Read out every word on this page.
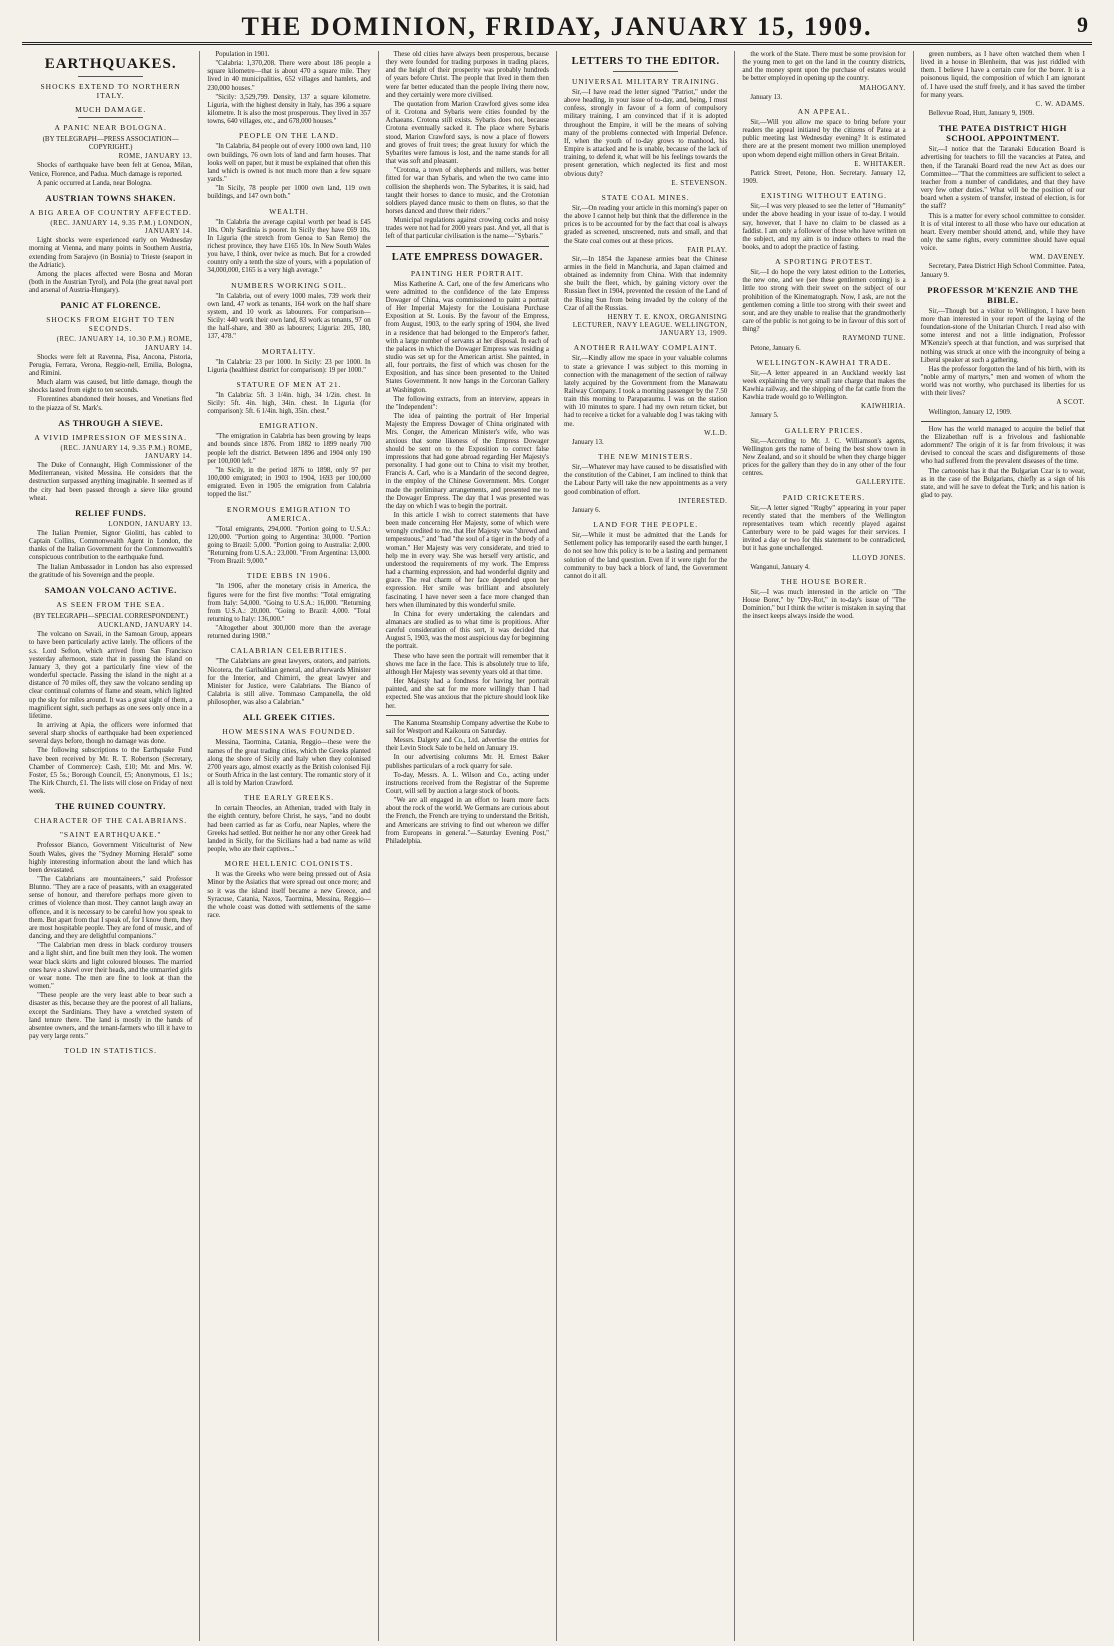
THE DOMINION, FRIDAY, JANUARY 15, 1909.	9
EARTHQUAKES.
SHOCKS EXTEND TO NORTHERN ITALY.
MUCH DAMAGE.
A PANIC NEAR BOLOGNA.
(BY TELEGRAPH—PRESS ASSOCIATION—COPYRIGHT.)

ROME, JANUARY 13.

Shocks of earthquake have been felt at Genoa, Milan, Venice, Florence, and Padua. Much damage is reported.

A panic occurred at Landa, near Bologna.

AUSTRIAN TOWNS SHAKEN.
A BIG AREA OF COUNTRY AFFECTED.

(REC. JANUARY 14, 9.35 P.M.) LONDON, JANUARY 14.

Light shocks were experienced early on Wednesday morning at Vienna, and many points in Southern Austria, extending from Sarajevo (in Bosnia) to Trieste (seaport in the Adriatic).

Among the places affected were Bosna and Moran (both in the Austrian Tyrol), and Pola (the great naval port and arsenal of Austria-Hungary).

PANIC AT FLORENCE.
SHOCKS FROM EIGHT TO TEN SECONDS.

(REC. JANUARY 14, 10.30 P.M.) ROME, JANUARY 14.

Shocks were felt at Ravenna, Pisa, Ancona, Pistoria, Perugia, Ferrara, Verona, Reggio-nell, Emilia, Bologna, and Rimini.

Much alarm was caused, but little damage, though the shocks lasted from eight to ten seconds.

Florentines abandoned their houses, and Venetians fled to the piazza of St. Mark's.

AS THROUGH A SIEVE.
A VIVID IMPRESSION OF MESSINA.

(REC. JANUARY 14, 9.35 P.M.) ROME, JANUARY 14.

The Duke of Connaught, High Commissioner of the Mediterranean, visited Messina. He considers that the destruction surpassed anything imaginable. It seemed as if the city had been passed through a sieve like ground wheat.

RELIEF FUNDS.

LONDON, JANUARY 13.

The Italian Premier, Signor Giolitti, has cabled to Captain Collins, Commonwealth Agent in London, the thanks of the Italian Government for the Commonwealth's conspicuous contribution to the earthquake fund.

The Italian Ambassador in London has also expressed the gratitude of his Sovereign and the people.

SAMOAN VOLCANO ACTIVE.
AS SEEN FROM THE SEA.
(BY TELEGRAPH—SPECIAL CORRESPONDENT.)

AUCKLAND, JANUARY 14.

The volcano on Savaii, in the Samoan Group, appears to have been particularly active lately. The officers of the s.s. Lord Sefton, which arrived from San Francisco yesterday afternoon, state that in passing the island on January 3, they got a particularly fine view of the wonderful spectacle. Passing the island in the night at a distance of 70 miles off, they saw the volcano sending up clear continual columns of flame and steam, which lighted up the sky for miles around. It was a great sight of them, a magnificent sight, such perhaps as one sees only once in a lifetime.

In arriving at Apia, the officers were informed that several sharp shocks of earthquake had been experienced several days before, though no damage was done.

The following subscriptions to the Earthquake Fund have been received by Mr. R. T. Robertson (Secretary, Chamber of Commerce): Cash, £10; Mr. and Mrs. W. Foster, £5 5s.; Borough Council, £5; Anonymous, £1 1s.; The Kirk Church, £1. The lists will close on Friday of next week.

THE RUINED COUNTRY.
CHARACTER OF THE CALABRIANS.
"SAINT EARTHQUAKE."

Professor Bianco, Government Viticulturist of New South Wales, gives the "Sydney Morning Herald" some highly interesting information about the land which has been devastated.

"The Calabrians are mountaineers," said Professor Blunno. "They are a race of peasants, with an exaggerated sense of honour, and therefore perhaps more given to crimes of violence than most. They cannot laugh away an offence, and it is necessary to be careful how you speak to them. But apart from that I speak of, for I know them, they are most hospitable people. They are fond of music, and of dancing, and they are delightful companions."

"The Calabrian men dress in black corduroy trousers and a light shirt, and fine built men they look. The women wear black skirts and light coloured blouses. The married ones have a shawl over their heads, and the unmarried girls or wear none. The men are fine to look at than the women."

"These people are the very least able to bear such a disaster as this, because they are the poorest of all Italians, except the Sardinians. They have a wretched system of land tenure there. The land is mostly in the hands of absentee owners, and the tenant-farmers who till it have to pay very large rents."

TOLD IN STATISTICS.

Population in 1901.

"Calabria: 1,370,208. There were about 186 people a square kilometre—that is about 470 a square mile. They lived in 40 municipalities, 652 villages and hamlets, and 230,000 houses."

"Sicily: 3,529,799. Density, 137 a square kilometre. Liguria, with the highest density in Italy, has 396 a square kilometre. It is also the most prosperous. They lived in 357 towns, 640 villages, etc., and 678,000 houses."

PEOPLE ON THE LAND.

"In Calabria, 84 people out of every 1000 own land, 110 own buildings, 76 own lots of land and farm houses. That looks well on paper, but it must be explained that often this land which is owned is not much more than a few square yards."

"In Sicily, 78 people per 1000 own land, 119 own buildings, and 147 own both."

WEALTH.

"In Calabria the average capital worth per head is £45 10s. Only Sardinia is poorer. In Sicily they have £69 10s. In Liguria (the stretch from Genoa to San Remo) the richest province, they have £165 10s. In New South Wales you have, I think, over twice as much. But for a crowded country only a tenth the size of yours, with a population of 34,000,000, £165 is a very high average."

NUMBERS WORKING SOIL.

"In Calabria, out of every 1000 males, 739 work their own land, 47 work as tenants, 164 work on the half share system, and 10 work as labourers. For comparison—Sicily: 440 work their own land, 83 work as tenants, 97 on the half-share, and 380 as labourers; Liguria: 205, 180, 137, 478."

MORTALITY.

"In Calabria: 23 per 1000. In Sicily: 23 per 1000. In Liguria (healthiest district for comparison): 19 per 1000."

STATURE OF MEN AT 21.

"In Calabria: 5ft. 3 1/4in. high, 34 1/2in. chest. In Sicily: 5ft. 4in. high, 34in. chest. In Liguria (for comparison): 5ft. 6 1/4in. high, 35in. chest."

EMIGRATION.

"The emigration in Calabria has been growing by leaps and bounds since 1876. From 1882 to 1899 nearly 700 people left the district. Between 1896 and 1904 only 190 per 100,000 left."

"In Sicily, in the period 1876 to 1898, only 97 per 100,000 emigrated; in 1903 to 1904, 1693 per 100,000 emigrated. Even in 1905 the emigration from Calabria topped the list."

ENORMOUS EMIGRATION TO AMERICA.

"Total emigrants, 294,000. "Portion going to U.S.A.: 120,000. "Portion going to Argentina: 30,000. "Portion going to Brazil: 5,000. "Portion going to Australia: 2,000. "Returning from U.S.A.: 23,000. "From Argentina: 13,000. "From Brazil: 9,000."

TIDE EBBS IN 1906.

"In 1906, after the monetary crisis in America, the figures were for the first five months: "Total emigrating from Italy: 54,000. "Going to U.S.A.: 16,000. "Returning from U.S.A.: 20,000. "Going to Brazil: 4,000. "Total returning to Italy: 136,000."

"Altogether about 300,000 more than the average returned during 1908."

CALABRIAN CELEBRITIES.

"The Calabrians are great lawyers, orators, and patriots. Nicotera, the Garibaldian general, and afterwards Minister for the Interior, and Chimirri, the great lawyer and Minister for Justice, were Calabrians. The Bianco of Calabria is still alive. Tommaso Campanella, the old philosopher, was also a Calabrian."

ALL GREEK CITIES.
HOW MESSINA WAS FOUNDED.

Messina, Taormina, Catania, Reggio—these were the names of the great trading cities, which the Greeks planted along the shore of Sicily and Italy when they colonised 2700 years ago, almost exactly as the British colonised Fiji or South Africa in the last century. The romantic story of it all is told by Marion Crawford.

THE EARLY GREEKS.

In certain Theocles, an Athenian, traded with Italy in the eighth century, before Christ, he says, "and no doubt had been carried as far as Corfu, near Naples, where the Greeks had settled. But neither he nor any other Greek had landed in Sicily, for the Sicilians had a bad name as wild people, who ate their captives..."

MORE HELLENIC COLONISTS.

It was the Greeks who were being pressed out of Asia Minor by the Asiatics that were spread out once more; and so it was the island itself became a new Greece, and Syracuse, Catania, Naxos, Taormina, Messina, Reggio—the whole coast was dotted with settlements of the same race.

These old cities have always been prosperous, because they were founded for trading purposes in trading places, and the height of their prosperity was probably hundreds of years before Christ. The people that lived in them then were far better educated than the people living there now, and they certainly were more civilised.

The quotation from Marion Crawford gives some idea of it. Crotona and Sybaris were cities founded by the Achaeans. Crotona still exists. Sybaris does not, because Crotona eventually sacked it. The place where Sybaris stood, Marion Crawford says, is now a place of flowers and groves of fruit trees; the great luxury for which the Sybarites were famous is lost, and the name stands for all that was soft and pleasant.

"Crotona, a town of shepherds and millers, was better fitted for war than Sybaris, and when the two came into collision the shepherds won. The Sybarites, it is said, had taught their horses to dance to music, and the Crotonian soldiers played dance music to them on flutes, so that the horses danced and threw their riders."

Municipal regulations against crowing cocks and noisy trades were not had for 2000 years past. And yet, all that is left of that particular civilisation is the name—"Sybaris."

LATE EMPRESS DOWAGER.
PAINTING HER PORTRAIT.

Miss Katherine A. Carl, one of the few Americans who were admitted to the confidence of the late Empress Dowager of China, was commissioned to paint a portrait of Her Imperial Majesty for the Louisiana Purchase Exposition at St. Louis. By the favour of the Empress, from August, 1903, to the early spring of 1904, she lived in a residence that had belonged to the Emperor's father, with a large number of servants at her disposal. In each of the palaces in which the Dowager Empress was residing a studio was set up for the American artist. She painted, in all, four portraits, the first of which was chosen for the Exposition, and has since been presented to the United States Government. It now hangs in the Corcoran Gallery at Washington.

The following extracts, from an interview, appears in the "Independent":

The idea of painting the portrait of Her Imperial Majesty the Empress Dowager of China originated with Mrs. Conger, the American Minister's wife, who was anxious that some likeness of the Empress Dowager should be sent on to the Exposition to correct false impressions that had gone abroad regarding Her Majesty's personality. I had gone out to China to visit my brother, Francis A. Carl, who is a Mandarin of the second degree, in the employ of the Chinese Government. Mrs. Conger made the preliminary arrangements, and presented me to the Dowager Empress. The day that I was presented was the day on which I was to begin the portrait.

In this article I wish to correct statements that have been made concerning Her Majesty, some of which were wrongly credited to me, that Her Majesty was "shrewd and tempestuous," and "had "the soul of a tiger in the body of a woman." Her Majesty was very considerate, and tried to help me in every way. She was herself very artistic, and understood the requirements of my work. The Empress had a charming expression, and had wonderful dignity and grace. The real charm of her face depended upon her expression. Her smile was brilliant and absolutely fascinating. I have never seen a face more changed than hers when illuminated by this wonderful smile.

In China for every undertaking the calendars and almanacs are studied as to what time is propitious. After careful consideration of this sort, it was decided that August 5, 1903, was the most auspicious day for beginning the portrait.

These who have seen the portrait will remember that it shows me face in the face. This is absolutely true to life, although Her Majesty was seventy years old at that time.

Her Majesty had a fondness for having her portrait painted, and she sat for me more willingly than I had expected. She was anxious that the picture should look like her.

The Kanuma Steamship Company advertise the Kobe to sail for Westport and Kaikoura on Saturday.

Messrs. Dalgety and Co., Ltd. advertise the entries for their Levin Stock Sale to be held on January 19.

In our advertising columns Mr. H. Ernest Baker publishes particulars of a rock quarry for sale.

To-day, Messrs. A. L. Wilson and Co., acting under instructions received from the Registrar of the Supreme Court, will sell by auction a large stock of boots.

"We are all engaged in an effort to learn more facts about the rock of the world. We Germans are curious about the French, the French are trying to understand the British, and Americans are striving to find out whereon we differ from Europeans in general."—Saturday Evening Post," Philadelphia.

LETTERS TO THE EDITOR.
UNIVERSAL MILITARY TRAINING.

Sir,—I have read the letter signed "Patriot," under the above heading, in your issue of to-day, and, being, I must confess, strongly in favour of a form of compulsory military training, I am convinced that if it is adopted throughout the Empire, it will be the means of solving many of the problems connected with Imperial Defence. If, when the youth of to-day grows to manhood, his Empire is attacked and he is unable, because of the lack of training, to defend it, what will be his feelings towards the present generation, which neglected its first and most obvious duty?

E. STEVENSON.

STATE COAL MINES.

Sir,—On reading your article in this morning's paper on the above I cannot help but think that the difference in the prices is to be accounted for by the fact that coal is always graded as screened, unscreened, nuts and small, and that the State coal comes out at these prices.

FAIR PLAY.

Sir,—In 1854 the Japanese armies beat the Chinese armies in the field in Manchuria, and Japan claimed and obtained as indemnity from China. With that indemnity she built the fleet, which, by gaining victory over the Russian fleet in 1904, prevented the cession of the Land of the Rising Sun from being invaded by the colony of the Czar of all the Russias.

HENRY T. E. KNOX, ORGANISING LECTURER, NAVY LEAGUE. WELLINGTON, JANUARY 13, 1909.

ANOTHER RAILWAY COMPLAINT.

Sir,—Kindly allow me space in your valuable columns to state a grievance I was subject to this morning in connection with the management of the section of railway lately acquired by the Government from the Manawatu Railway Company. I took a morning passenger by the 7.50 train this morning to Paraparaumu. I was on the station with 10 minutes to spare. I had my own return ticket, but had to receive a ticket for a valuable dog I was taking with me.

W.L.D.

January 13.

THE NEW MINISTERS.

Sir,—Whatever may have caused to be dissatisfied with the constitution of the Cabinet, I am inclined to think that the Labour Party will take the new appointments as a very good combination of effort.

INTERESTED.

January 6.

LAND FOR THE PEOPLE.

Sir,—While it must be admitted that the Lands for Settlement policy has temporarily eased the earth hunger, I do not see how this policy is to be a lasting and permanent solution of the land question. Even if it were right for the community to buy back a block of land, the Government cannot do it all.

the work of the State. There must be some provision for the young men to get on the land in the country districts, and the money spent upon the purchase of estates would be better employed in opening up the country.

MAHOGANY.

January 13.

AN APPEAL.

Sir,—Will you allow me space to bring before your readers the appeal initiated by the citizens of Patea at a public meeting last Wednesday evening? It is estimated there are at the present moment two million unemployed upon whom depend eight million others in Great Britain.

E. WHITAKER.

Patrick Street, Petone, Hon. Secretary. January 12, 1909.

EXISTING WITHOUT EATING.

Sir,—I was very pleased to see the letter of "Humanity" under the above heading in your issue of to-day. I would say, however, that I have no claim to be classed as a faddist. I am only a follower of those who have written on the subject, and my aim is to induce others to read the books, and to adopt the practice of fasting.

A SPORTING PROTEST.

Sir,—I do hope the very latest edition to the Lotteries, the new one, and we (see these gentlemen coming) is a little too strong with their sweet on the subject of our prohibition of the Kinematograph. Now, I ask, are not the gentlemen coming a little too strong with their sweet and sour, and are they unable to realise that the grandmotherly care of the public is not going to be in favour of this sort of thing?

RAYMOND TUNE.

Petone, January 6.

WELLINGTON-KAWHAI TRADE.

Sir,—A letter appeared in an Auckland weekly last week explaining the very small rate charge that makes the Kawhia railway, and the shipping of the fat cattle from the Kawhia trade would go to Wellington.

KAIWHIRIA.

January 5.

GALLERY PRICES.

Sir,—According to Mr. J. C. Williamson's agents, Wellington gets the name of being the best show town in New Zealand, and so it should be when they charge bigger prices for the gallery than they do in any other of the four centres.

GALLERYITE.

PAID CRICKETERS.

Sir,—A letter signed "Rugby" appearing in your paper recently stated that the members of the Wellington representatives team which recently played against Canterbury were to be paid wages for their services. I invited a day or two for this statement to be contradicted, but it has gone unchallenged.

LLOYD JONES.

Wanganui, January 4.

THE HOUSE BORER.

Sir,—I was much interested in the article on "The House Borer," by "Dry-Rot," in to-day's issue of "The Dominion," but I think the writer is mistaken in saying that the insect keeps always inside the wood.

green numbers, as I have often watched them when I lived in a house in Blenheim, that was just riddled with them. I believe I have a certain cure for the borer. It is a poisonous liquid, the composition of which I am ignorant of. I have used the stuff freely, and it has saved the timber for many years.

C. W. ADAMS.

Bellevue Road, Hutt, January 9, 1909.

THE PATEA DISTRICT HIGH SCHOOL APPOINTMENT.

Sir,—I notice that the Taranaki Education Board is advertising for teachers to fill the vacancies at Patea, and then, if the Taranaki Board read the new Act as does our Committee—"That the committees are sufficient to select a teacher from a number of candidates, and that they have very few other duties." What will be the position of our board when a system of transfer, instead of election, is for the staff?

This is a matter for every school committee to consider. It is of vital interest to all those who have our education at heart. Every member should attend, and, while they have only the same rights, every committee should have equal voice.

WM. DAVENEY.

Secretary, Patea District High School Committee. Patea, January 9.

PROFESSOR M'KENZIE AND THE BIBLE.

Sir,—Though but a visitor to Wellington, I have been more than interested in your report of the laying of the foundation-stone of the Unitarian Church. I read also with some interest and not a little indignation, Professor M'Kenzie's speech at that function, and was surprised that nothing was struck at once with the incongruity of being a Liberal speaker at such a gathering.

Has the professor forgotten the land of his birth, with its "noble army of martyrs," men and women of whom the world was not worthy, who purchased its liberties for us with their lives?

A SCOT.

Wellington, January 12, 1909.

How has the world managed to acquire the belief that the Elizabethan ruff is a frivolous and fashionable adornment? The origin of it is far from frivolous; it was devised to conceal the scars and disfigurements of those who had suffered from the prevalent diseases of the time.

The cartoonist has it that the Bulgarian Czar is to wear, as in the case of the Bulgarians, chiefly as a sign of his state, and will he save to defeat the Turk; and his nation is glad to pay.
